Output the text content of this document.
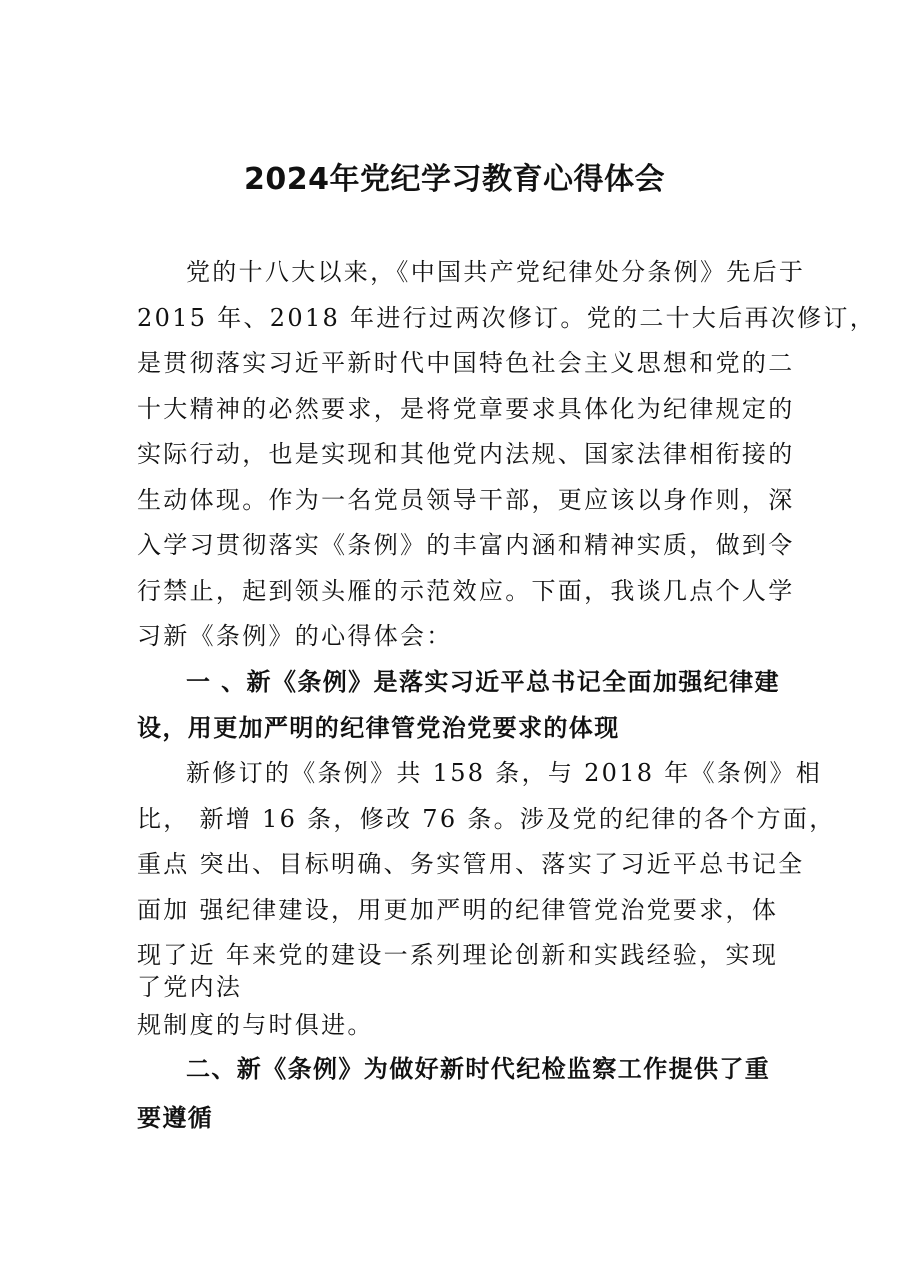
2024年党纪学习教育心得体会
党的十八大以来，《中国共产党纪律处分条例》先后于
2015 年、2018 年进行过两次修订。党的二十大后再次修订，
是贯彻落实习近平新时代中国特色社会主义思想和党的二
十大精神的必然要求，是将党章要求具体化为纪律规定的
实际行动，也是实现和其他党内法规、国家法律相衔接的
生动体现。作为一名党员领导干部，更应该以身作则，深
入学习贯彻落实《条例》的丰富内涵和精神实质，做到令
行禁止，起到领头雁的示范效应。下面，我谈几点个人学
习新《条例》的心得体会：
一 、新《条例》是落实习近平总书记全面加强纪律建
设，用更加严明的纪律管党治党要求的体现
新修订的《条例》共 158 条，与 2018 年《条例》相
比， 新增 16 条，修改 76 条。涉及党的纪律的各个方面，
重点 突出、目标明确、务实管用、落实了习近平总书记全
面加 强纪律建设，用更加严明的纪律管党治党要求，体
现了近 年来党的建设一系列理论创新和实践经验，实现
了党内法
规制度的与时俱进。
二、新《条例》为做好新时代纪检监察工作提供了重
要遵循
